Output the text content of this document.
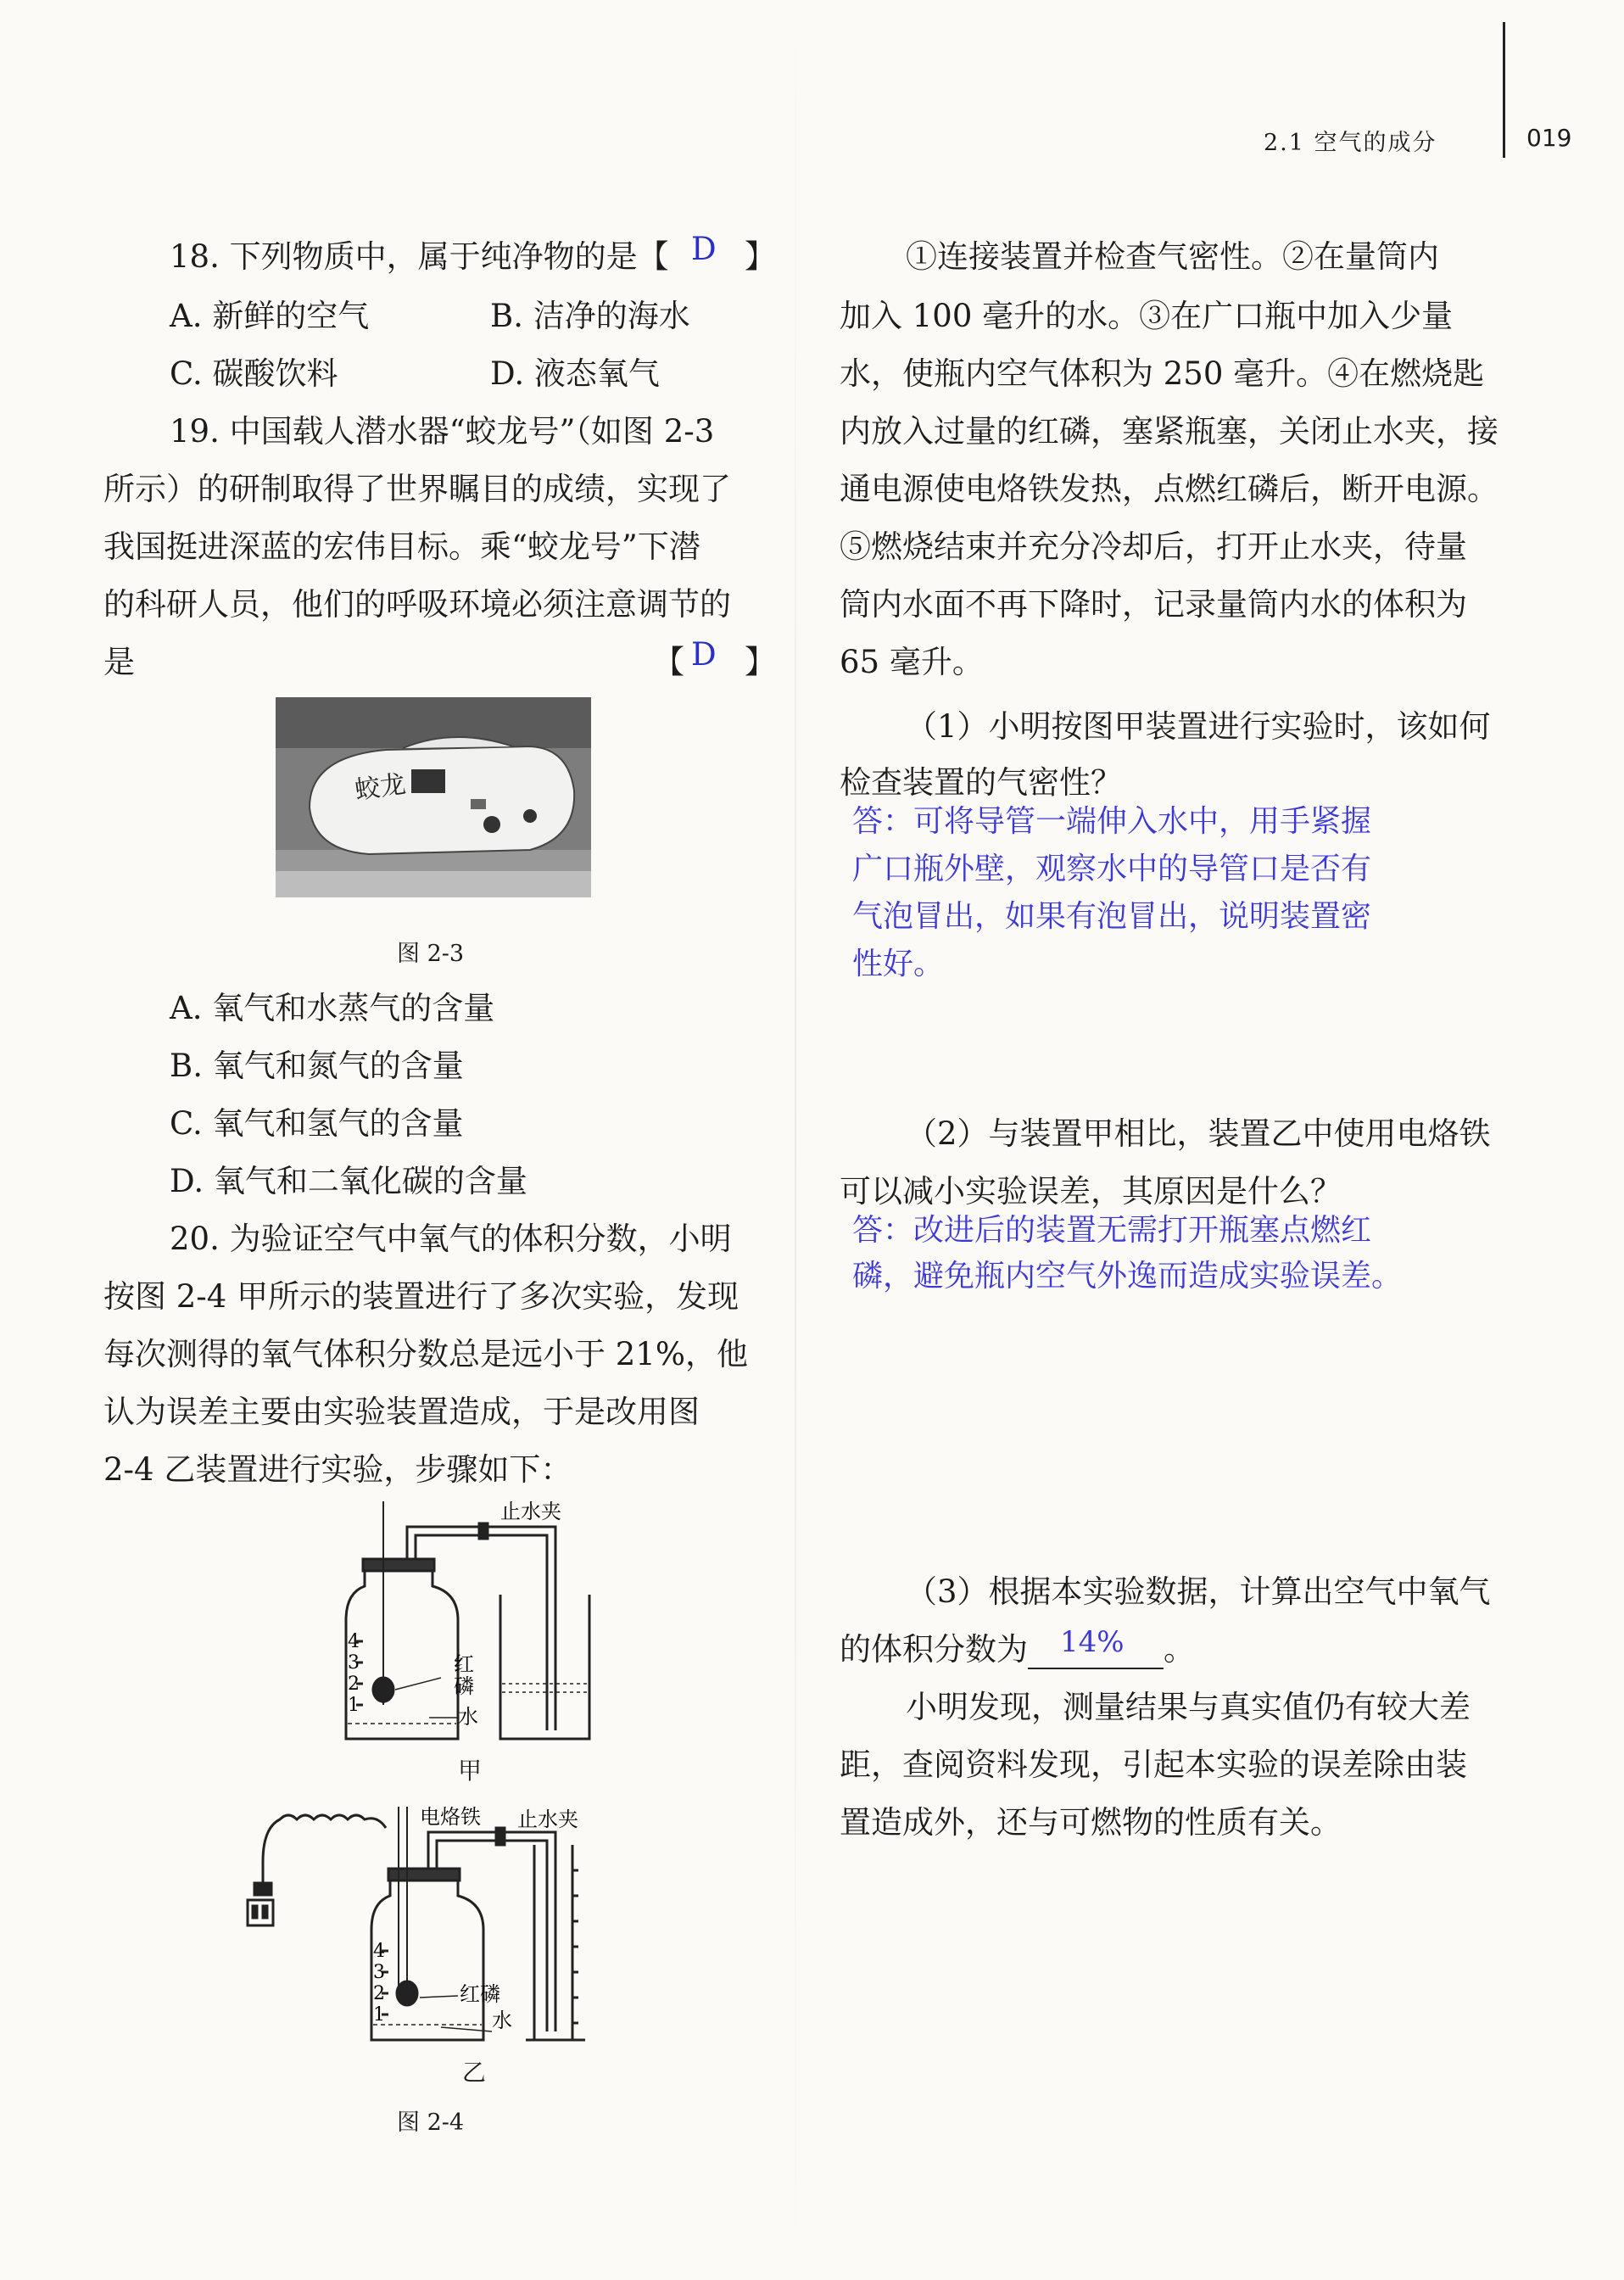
2.1 空气的成分	019
18. 下列物质中，属于纯净物的是【 D 】
A. 新鲜的空气	B. 洁净的海水
C. 碳酸饮料	D. 液态氧气
19. 中国载人潜水器“蛟龙号”（如图 2-3
所示）的研制取得了世界瞩目的成绩，实现了
我国挺进深蓝的宏伟目标。乘“蛟龙号”下潜
的科研人员，他们的呼吸环境必须注意调节的
是	【 D 】
蛟龙
图 2-3
A. 氧气和水蒸气的含量
B. 氧气和氮气的含量
C. 氧气和氢气的含量
D. 氧气和二氧化碳的含量
20. 为验证空气中氧气的体积分数，小明
按图 2-4 甲所示的装置进行了多次实验，发现
每次测得的氧气体积分数总是远小于 21%，他
认为误差主要由实验装置造成，于是改用图
2-4 乙装置进行实验，步骤如下：
4
3
2
1
红
磷
水
止水夹
甲
4
3
2
1
红磷
水
电烙铁 止水夹
乙
图 2-4
①连接装置并检查气密性。②在量筒内
加入 100 毫升的水。③在广口瓶中加入少量
水，使瓶内空气体积为 250 毫升。④在燃烧匙
内放入过量的红磷，塞紧瓶塞，关闭止水夹，接
通电源使电烙铁发热，点燃红磷后，断开电源。
⑤燃烧结束并充分冷却后，打开止水夹，待量
筒内水面不再下降时，记录量筒内水的体积为
65 毫升。
（1）小明按图甲装置进行实验时，该如何
检查装置的气密性？
答：可将导管一端伸入水中，用手紧握
广口瓶外壁，观察水中的导管口是否有
气泡冒出，如果有泡冒出，说明装置密
性好。
（2）与装置甲相比，装置乙中使用电烙铁
可以减小实验误差，其原因是什么？
答：改进后的装置无需打开瓶塞点燃红
磷，避免瓶内空气外逸而造成实验误差。
（3）根据本实验数据，计算出空气中氧气
的体积分数为 14% 。
小明发现，测量结果与真实值仍有较大差
距，查阅资料发现，引起本实验的误差除由装
置造成外，还与可燃物的性质有关。
